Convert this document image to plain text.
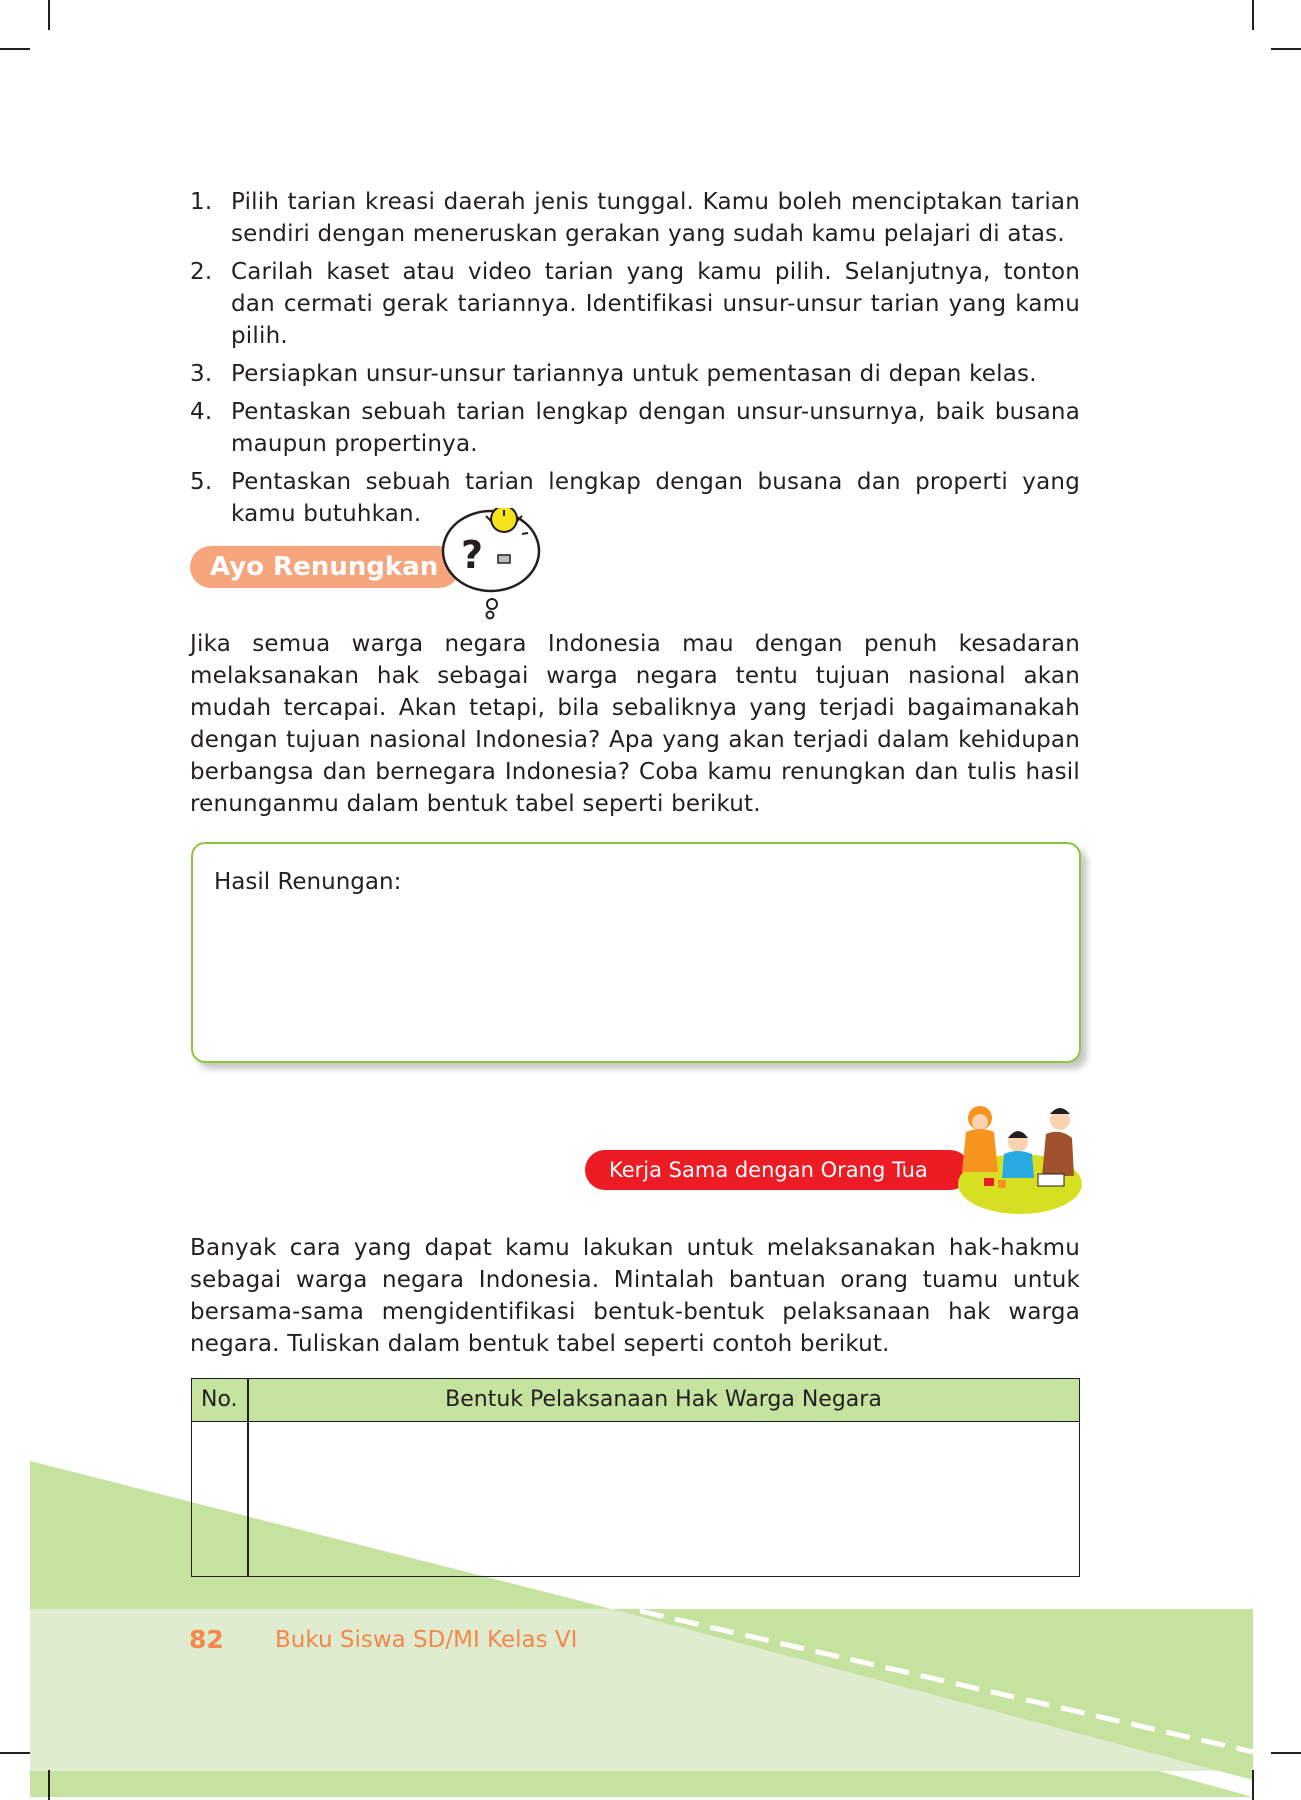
1. Pilih tarian kreasi daerah jenis tunggal. Kamu boleh menciptakan tarian sendiri dengan meneruskan gerakan yang sudah kamu pelajari di atas.
2. Carilah kaset atau video tarian yang kamu pilih. Selanjutnya, tonton dan cermati gerak tariannya. Identifikasi unsur-unsur tarian yang kamu pilih.
3. Persiapkan unsur-unsur tariannya untuk pementasan di depan kelas.
4. Pentaskan sebuah tarian lengkap dengan unsur-unsurnya, baik busana maupun propertinya.
5. Pentaskan sebuah tarian lengkap dengan busana dan properti yang kamu butuhkan.
Ayo Renungkan ?

Jika semua warga negara Indonesia mau dengan penuh kesadaran melaksanakan hak sebagai warga negara tentu tujuan nasional akan mudah tercapai. Akan tetapi, bila sebaliknya yang terjadi bagaimanakah dengan tujuan nasional Indonesia? Apa yang akan terjadi dalam kehidupan berbangsa dan bernegara Indonesia? Coba kamu renungkan dan tulis hasil renunganmu dalam bentuk tabel seperti berikut.

Hasil Renungan:
Kerja Sama dengan Orang Tua

Banyak cara yang dapat kamu lakukan untuk melaksanakan hak-hakmu sebagai warga negara Indonesia. Mintalah bantuan orang tuamu untuk bersama-sama mengidentifikasi bentuk-bentuk pelaksanaan hak warga negara. Tuliskan dalam bentuk tabel seperti contoh berikut.

No.	Bentuk Pelaksanaan Hak Warga Negara
82 Buku Siswa SD/MI Kelas VI
